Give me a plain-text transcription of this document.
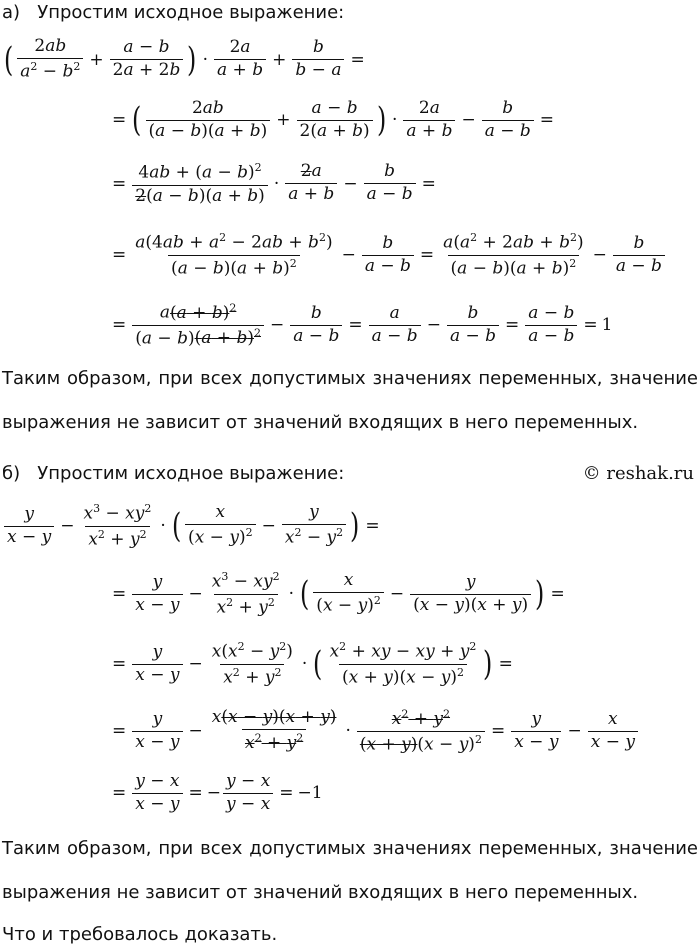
а) Упростим исходное выражение:
( $\frac{2ab}{a^2 - b^2} + \frac{a - b}{2a + 2b}$ ) · $\frac{2a}{a + b} + \frac{b}{b - a}$ =
= ( $\frac{2ab}{(a - b)(a + b)} + \frac{a - b}{2(a + b)}$ ) · $\frac{2a}{a + b} - \frac{b}{a - b}$ =
= $\frac{4ab + (a - b)^2}{2(a - b)(a + b)} \cdot \frac{2a}{a + b} - \frac{b}{a - b}$ =
= $\frac{a(4ab + a^2 - 2ab + b^2)}{(a - b)(a + b)^2} - \frac{b}{a - b} = \frac{a(a^2 + 2ab + b^2)}{(a - b)(a + b)^2} - \frac{b}{a - b}$
= $\frac{a(a + b)^2}{(a - b)(a + b)^2} - \frac{b}{a - b} = \frac{a}{a - b} - \frac{b}{a - b} = \frac{a - b}{a - b} = 1$
Таким образом, при всех допустимых значениях переменных, значение
выражения не зависит от значений входящих в него переменных.
б) Упростим исходное выражение:	© reshak.ru
$\frac{y}{x - y} - \frac{x^3 - xy^2}{x^2 + y^2}$ · ( $\frac{x}{(x - y)^2} - \frac{y}{x^2 - y^2}$ ) =
= $\frac{y}{x - y} - \frac{x^3 - xy^2}{x^2 + y^2}$ · ( $\frac{x}{(x - y)^2} - \frac{y}{(x - y)(x + y)}$ ) =
= $\frac{y}{x - y} - \frac{x(x^2 - y^2)}{x^2 + y^2}$ · ( $\frac{x^2 + xy - xy + y^2}{(x + y)(x - y)^2}$ ) =
= $\frac{y}{x - y} - \frac{x(x - y)(x + y)}{x^2 + y^2} \cdot \frac{x^2 + y^2}{(x + y)(x - y)^2} = \frac{y}{x - y} - \frac{x}{x - y}$
= $\frac{y - x}{x - y}$ = − $\frac{y - x}{y - x} = -1$
Таким образом, при всех допустимых значениях переменных, значение
выражения не зависит от значений входящих в него переменных.
Что и требовалось доказать.
